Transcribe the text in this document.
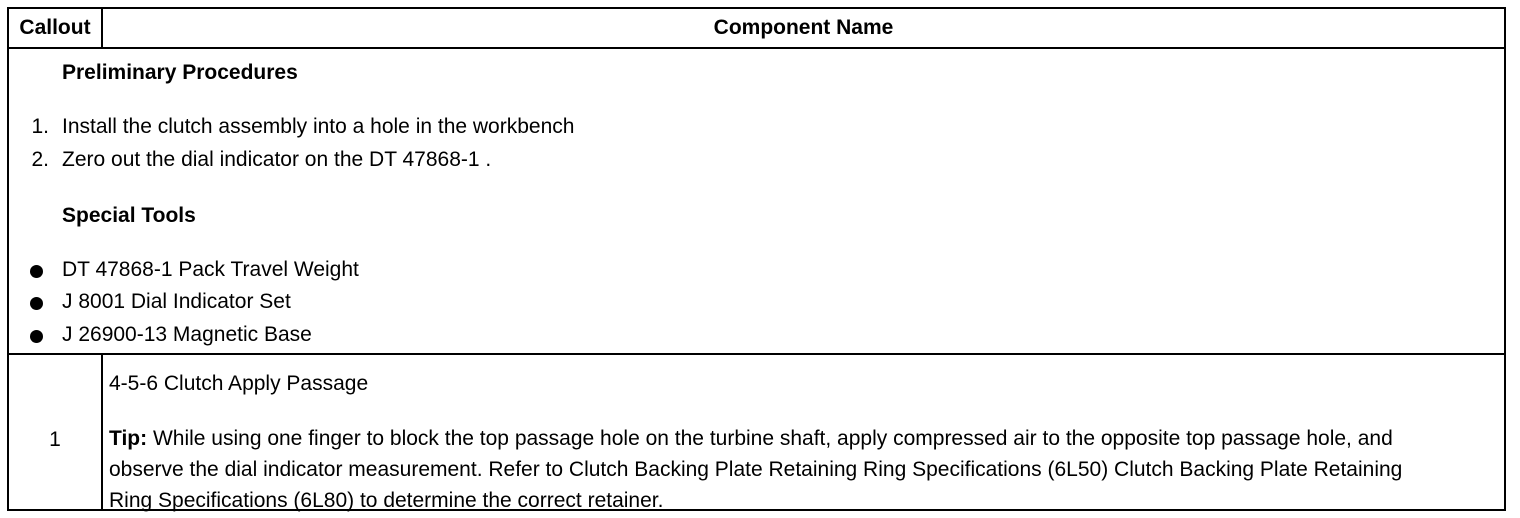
Callout	Component Name
Preliminary Procedures
1. Install the clutch assembly into a hole in the workbench
2. Zero out the dial indicator on the DT 47868-1 .
Special Tools
DT 47868-1 Pack Travel Weight
J 8001 Dial Indicator Set
J 26900-13 Magnetic Base
1
4-5-6 Clutch Apply Passage
Tip: While using one finger to block the top passage hole on the turbine shaft, apply compressed air to the opposite top passage hole, and observe the dial indicator measurement. Refer to Clutch Backing Plate Retaining Ring Specifications (6L50) Clutch Backing Plate Retaining Ring Specifications (6L80) to determine the correct retainer.
